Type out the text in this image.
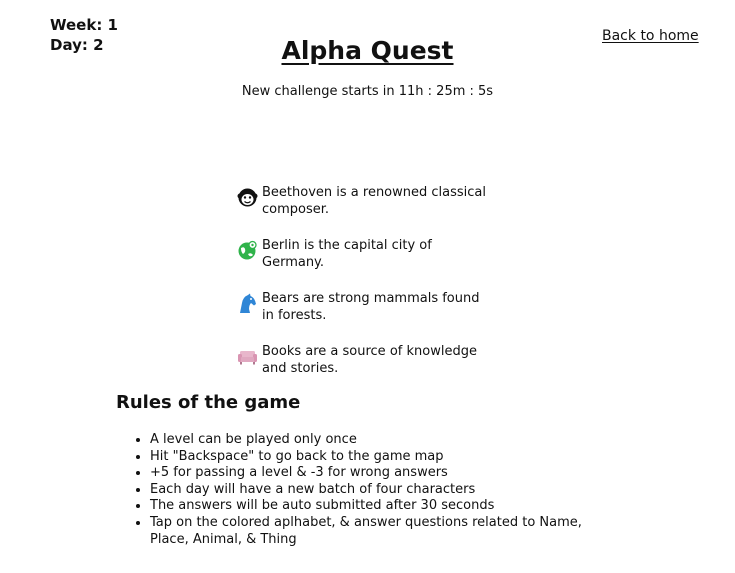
Week: 1
Day: 2	Alpha Quest	Back to home
New challenge starts in 11h : 25m : 5s
Beethoven is a renowned classical composer.
Berlin is the capital city of Germany.
Bears are strong mammals found in forests.
Books are a source of knowledge and stories.
Rules of the game
• A level can be played only once
• Hit "Backspace" to go back to the game map
• +5 for passing a level & -3 for wrong answers
• Each day will have a new batch of four characters
• The answers will be auto submitted after 30 seconds
• Tap on the colored aplhabet, & answer questions related to Name, Place, Animal, & Thing
